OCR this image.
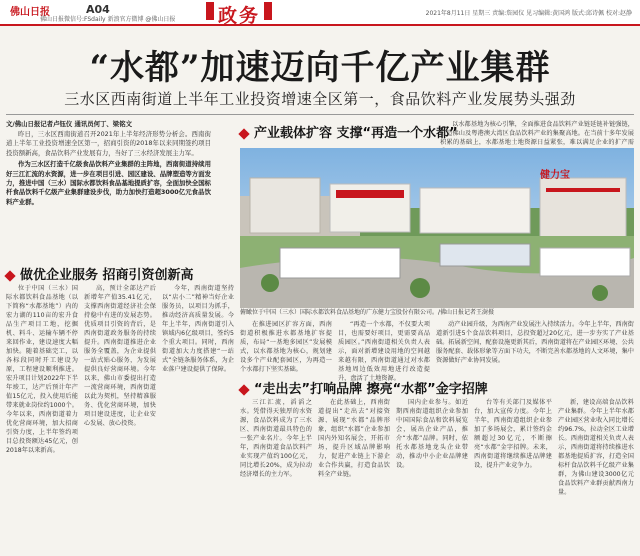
佛山日报	A04
佛山日报微信号:FSdaily 新浪官方微博 @佛山日报 政务	2021年8月11日 星期三 责编:詹园仪 见习编辑:黄国鸿 版式:邱诗佩 校对:赵静
“水都”加速迈向千亿产业集群
三水区西南街道上半年工业投资增速全区第一，食品饮料产业发展势头强劲
文/佛山日报记者卢钰仪 通讯员何丁、梁铭文

昨日，三水区西南街道召开2021年上半年经济形势分析会。西南街道上半年工业投资增速全区第一，招商引资的2018年以来同期签约项目投资额新高，食品饮料产业发展有力，当好了三水经济发展主力军。

作为三水区打造千亿级食品饮料产业集群的主阵地，西南街道持续用好三江汇流的水资源，进一步在项目引进、园区建设、品牌塑造等方面发力，推进中国（三水）国际水都饮料食品基地提质扩容，全面加快全国标杆食品饮料千亿级产业集群建设步伐，助力加快打造超3000亿元食品饮料产业群。

做优企业服务 招商引资创新高
位于中国（三水）国际水都饮料食品基地（以下简称“水都基地”）内的宏力湖的110亩的宏升食品生产项目工地，挖掘机、料斗、运输车辆不停来回作业，建设速度大幅加快。随着基础完工，以各标段同时开工建设为原，工程建设顺利推进。宏升项目计划2022年下半年竣工，达产后预计年产值15亿元，投入使用后能带来就业岗位约1000个。今年以来，西南街道着力优化营商环境，加大招商引资力度，上半年签约项目总投资额达45亿元，创2018年以来新高。
高，预计全部达产后新增年产值35.41亿元，支撑西南街道经济社会保持稳中有进的发展态势。优质项目引资的背后，是西南街道政务服务的持续提升。西南街道推进企业服务全覆盖，为企业提供一站式贴心服务，为发展提供良好营商环境。今年以来，佛山市委提出打造一流营商环境，西南街道以此为契机，坚持精准服务、优化营商环境，加快项目建设进度，让企业安心发展、放心投资。
今年，西南街道坚持以“店小二”精神当好企业服务员，以项目为抓手，推动经济高质量发展。今年上半年，西南街道引入镇域内6亿级项目，签约5个重大项目。同时，西南街道加大力度搭建“一站式”全链条服务体系，为企业落户建设提供了保障。
产业载体扩容 支撑“再造一个水都”
以水都基地为核心引擎，全面推进食品饮料产业链延链补链强链，打造佛山及粤港澳大湾区食品饮料产业的集聚高地。在当前十多年发展积累的基础上，水都基地土地资源日益紧张，难以满足企业的扩产需
健力宝
俯瞰位于中国（三水）国际水都饮料食品基地的广东健力宝股份有限公司。/佛山日报记者王澍摄
在推进园区扩容方面，西南街道积极推进水都基地扩容提质，布局“一基地多园区”发展模式，以水都基地为核心，规划建设多个产业配套园区，为再造一个水都打下坚实基础。
“再造一个水都，不仅要大项目，也需要好项目，更需要高品质园区。”西南街道相关负责人表示，面对新增建设用地的空间越来越有限，西南街道通过对水都基地周边低效用地进行改造提升，盘活了土地资源。
动产业园升级，为西南产业发展注入持续活力。今年上半年，西南街道新引进5个食品饮料项目，总投资超过20亿元，进一步夯实了产业基础。拓展新空间，配套设施更新其后，西南街道将在产业园区环境、公共服务配套、载体形象等方面下功夫，不断完善水都基地的人文环境，集中资源做好产业协同发展。
“走出去”打响品牌 擦亮“水都”金字招牌
三江汇流，滔滔之水。凭借得天独厚的水资源，食品饮料成为了三水区、西南街道最具特色的一张产业名片。今年上半年，西南街道食品饮料产业实现产值约100亿元，同比增长20%，成为拉动经济增长的主力军。
在此基础上，西南街道提出“走出去”对接资源、展现“水都”品牌形象，组织“水都”企业参加国内外知名展会，开拓市场，提升区域品牌影响力，促进产业链上下游企业合作共赢，打造食品饮料全产业链。
国内企业参与。如近期西南街道组织企业参加中国国际食品和饮料展览会，展出企业产品，推介“水都”品牌。同时，依托水都基地龙头企业带动，推动中小企业品牌建设。
台等有关部门及媒体平台，加大宣传力度。今年上半年，西南街道组织企业参加了多场展会，累计签约金额超过30亿元，不断擦亮“水都”金字招牌。未来，西南街道将继续推进品牌建设，提升产业竞争力。
新，建设高端食品饮料产业集群。今年上半年水都产业园区营业收入同比增长约96.7%，拉动全区工业增长。西南街道相关负责人表示，西南街道将持续推进水都基地提质扩容，打造全国标杆食品饮料千亿级产业集群，为佛山建设3000亿元食品饮料产业群贡献西南力量。
